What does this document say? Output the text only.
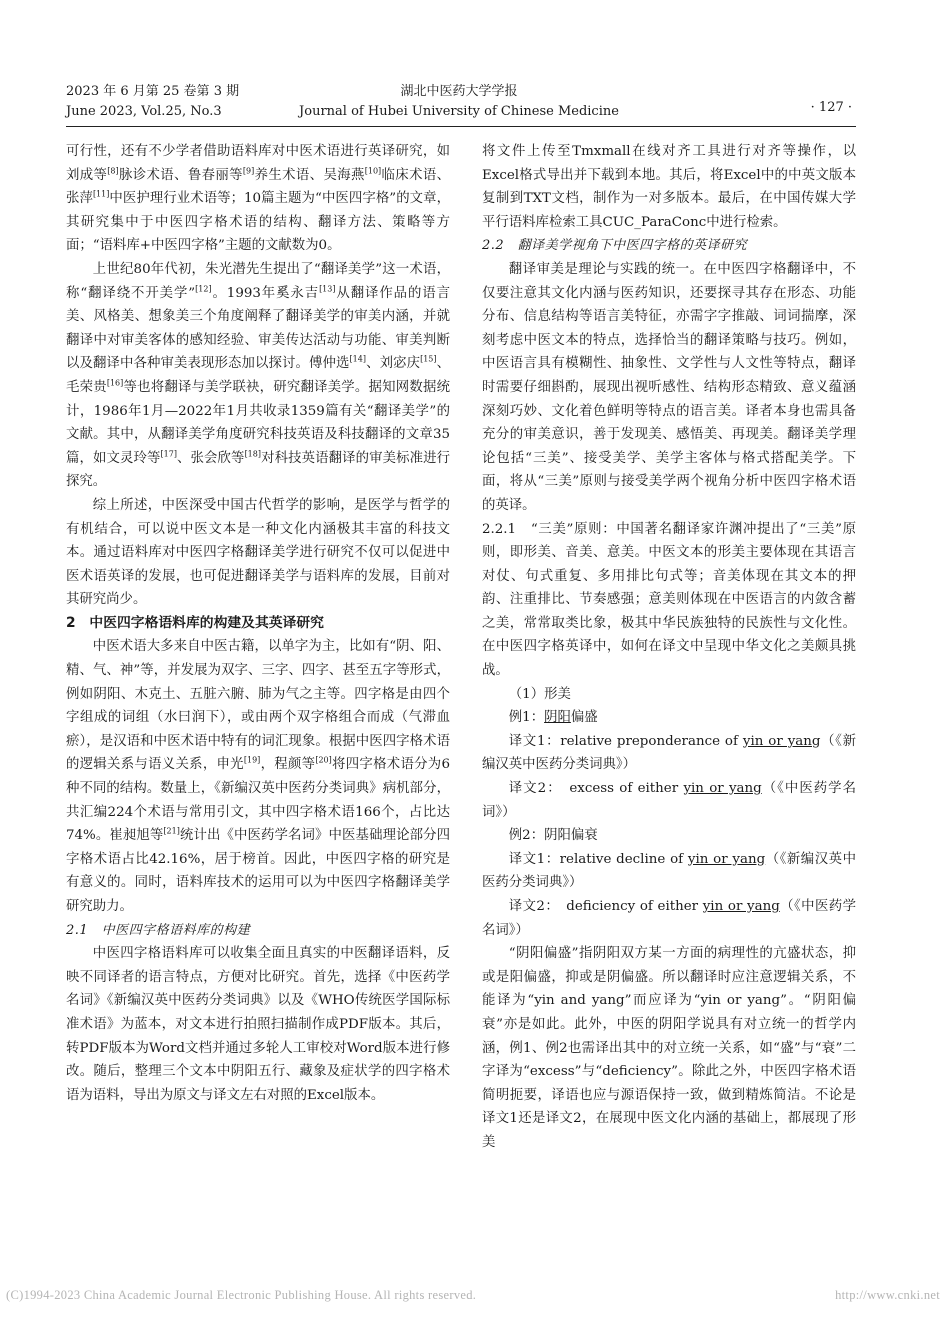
2023 年 6 月第 25 卷第 3 期
June 2023, Vol.25, No.3
湖北中医药大学学报
Journal of Hubei University of Chinese Medicine	· 127 ·

可行性，还有不少学者借助语料库对中医术语进行英译研究，如刘成等[8]脉诊术语、鲁春丽等[9]养生术语、吴海燕[10]临床术语、张萍[11]中医护理行业术语等；10篇主题为“中医四字格”的文章，其研究集中于中医四字格术语的结构、翻译方法、策略等方面；“语料库+中医四字格”主题的文献数为0。

上世纪80年代初，朱光潜先生提出了“翻译美学”这一术语，称“翻译绕不开美学”[12]。1993年奚永吉[13]从翻译作品的语言美、风格美、想象美三个角度阐释了翻译美学的审美内涵，并就翻译中对审美客体的感知经验、审美传达活动与功能、审美判断以及翻译中各种审美表现形态加以探讨。傅仲选[14]、刘宓庆[15]、毛荣贵[16]等也将翻译与美学联袂，研究翻译美学。据知网数据统计，1986年1月—2022年1月共收录1359篇有关“翻译美学”的文献。其中，从翻译美学角度研究科技英语及科技翻译的文章35篇，如文灵玲等[17]、张会欣等[18]对科技英语翻译的审美标准进行探究。

综上所述，中医深受中国古代哲学的影响，是医学与哲学的有机结合，可以说中医文本是一种文化内涵极其丰富的科技文本。通过语料库对中医四字格翻译美学进行研究不仅可以促进中医术语英译的发展，也可促进翻译美学与语料库的发展，目前对其研究尚少。

2　中医四字格语料库的构建及其英译研究

中医术语大多来自中医古籍，以单字为主，比如有“阴、阳、精、气、神”等，并发展为双字、三字、四字、甚至五字等形式，例如阴阳、木克土、五脏六腑、肺为气之主等。四字格是由四个字组成的词组（水曰润下），或由两个双字格组合而成（气滞血瘀），是汉语和中医术语中特有的词汇现象。根据中医四字格术语的逻辑关系与语义关系，申光[19]，程颜等[20]将四字格术语分为6种不同的结构。数量上，《新编汉英中医药分类词典》病机部分，共汇编224个术语与常用引文，其中四字格术语166个，占比达74%。崔昶旭等[21]统计出《中医药学名词》中医基础理论部分四字格术语占比42.16%，居于榜首。因此，中医四字格的研究是有意义的。同时，语料库技术的运用可以为中医四字格翻译美学研究助力。

2.1　中医四字格语料库的构建

中医四字格语料库可以收集全面且真实的中医翻译语料，反映不同译者的语言特点，方便对比研究。首先，选择《中医药学名词》《新编汉英中医药分类词典》以及《WHO传统医学国际标准术语》为蓝本，对文本进行拍照扫描制作成PDF版本。其后，转PDF版本为Word文档并通过多轮人工审校对Word版本进行修改。随后，整理三个文本中阴阳五行、藏象及症状学的四字格术语为语料，导出为原文与译文左右对照的Excel版本。

将文件上传至Tmxmall在线对齐工具进行对齐等操作，以Excel格式导出并下载到本地。其后，将Excel中的中英文版本复制到TXT文档，制作为一对多版本。最后，在中国传媒大学平行语料库检索工具CUC_ParaConc中进行检索。

2.2　翻译美学视角下中医四字格的英译研究

翻译审美是理论与实践的统一。在中医四字格翻译中，不仅要注意其文化内涵与医药知识，还要探寻其存在形态、功能分布、信息结构等语言美特征，亦需字字推敲、词词揣摩，深刻考虑中医文本的特点，选择恰当的翻译策略与技巧。例如，中医语言具有模糊性、抽象性、文学性与人文性等特点，翻译时需要仔细斟酌，展现出视听感性、结构形态精致、意义蕴涵深刻巧妙、文化着色鲜明等特点的语言美。译者本身也需具备充分的审美意识，善于发现美、感悟美、再现美。翻译美学理论包括“三美”、接受美学、美学主客体与格式搭配美学。下面，将从“三美”原则与接受美学两个视角分析中医四字格术语的英译。

2.2.1　“三美”原则：中国著名翻译家许渊冲提出了“三美”原则，即形美、音美、意美。中医文本的形美主要体现在其语言对仗、句式重复、多用排比句式等；音美体现在其文本的押韵、注重排比、节奏感强；意美则体现在中医语言的内敛含蓄之美，常常取类比象，极其中华民族独特的民族性与文化性。在中医四字格英译中，如何在译文中呈现中华文化之美颇具挑战。

（1）形美

例1：阴阳偏盛

译文1：relative preponderance of yin or yang（《新编汉英中医药分类词典》）

译文2：　excess of either yin or yang（《中医药学名词》）

例2：阴阳偏衰

译文1：relative decline of yin or yang（《新编汉英中医药分类词典》）

译文2：　deficiency of either yin or yang（《中医药学名词》）

“阴阳偏盛”指阴阳双方某一方面的病理性的亢盛状态，抑或是阳偏盛，抑或是阴偏盛。所以翻译时应注意逻辑关系，不能译为“yin and yang”而应译为“yin or yang”。“阴阳偏衰”亦是如此。此外，中医的阴阳学说具有对立统一的哲学内涵，例1、例2也需译出其中的对立统一关系，如“盛”与“衰”二字译为“excess”与“deficiency”。除此之外，中医四字格术语简明扼要，译语也应与源语保持一致，做到精炼简洁。不论是译文1还是译文2，在展现中医文化内涵的基础上，都展现了形美

(C)1994-2023 China Academic Journal Electronic Publishing House. All rights reserved.	http://www.cnki.net
